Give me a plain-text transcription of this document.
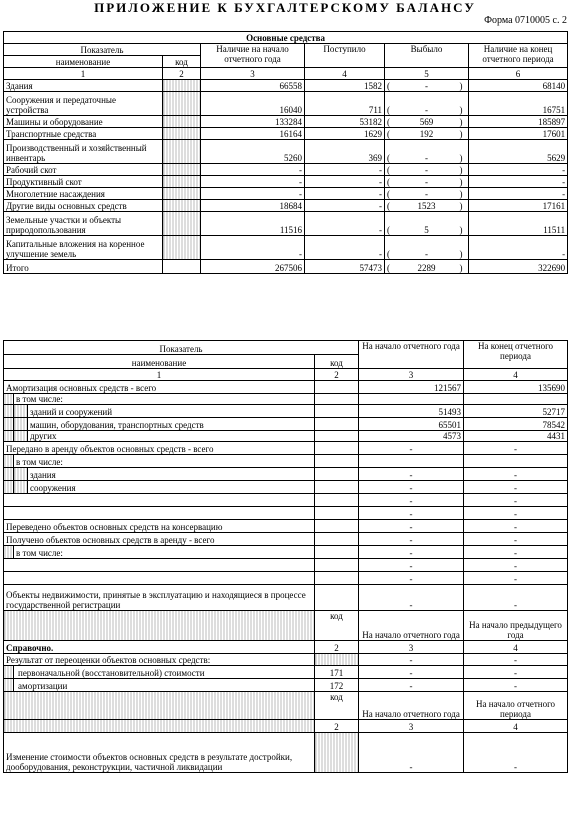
ПРИЛОЖЕНИЕ К БУХГАЛТЕРСКОМУ БАЛАНСУ
Форма 0710005 с. 2
Основные средства							
Показатель		Наличие на начало отчетного года	Поступило	Выбыло			Наличие на конец отчетного периода
наименование	код						
1	2	3	4	5			6
Здания		66558	1582	(	-	)	68140
Сооружения и передаточные устройства		16040	711	(	-	)	16751
Машины и оборудование		133284	53182	(	569	)	185897
Транспортные средства		16164	1629	(	192	)	17601
Производственный и хозяйственный инвентарь		5260	369	(	-	)	5629
Рабочий скот		-	-	(	-	)	-
Продуктивный скот		-	-	(	-	)	-
Многолетние насаждения		-	-	(	-	)	-
Другие виды основных средств		18684	-	(	1523	)	17161
Земельные участки и объекты природопользования		11516	-	(	5	)	11511
Капитальные вложения на коренное улучшение земель		-	-	(	-	)	-
Итого		267506	57473	(	2289	)	322690
Показатель				На начало отчетного года	На конец отчетного периода
наименование			код		
1			2	3	4
Амортизация основных средств - всего				121567	135690
	в том числе:				
		зданий и сооружений		51493	52717
		машин, оборудования, транспортных средств		65501	78542
		других		4573	4431
Передано в аренду объектов основных средств - всего				-	-
	в том числе:				
		здания		-	-
		сооружения		-	-
				-	-
				-	-
Переведено объектов основных средств на консервацию				-	-
Получено объектов основных средств в аренду - всего				-	-
	в том числе:			-	-
				-	-
				-	-
Объекты недвижимости, принятые в эксплуатацию и находящиеся в процессе государственной регистрации				-	-
			код	На начало отчетного года	На начало предыдущего года
Справочно.			2	3	4
Результат от переоценки объектов основных средств:				-	-
	первоначальной (восстановительной) стоимости		171	-	-
	амортизации		172	-	-
			код	На начало отчетного года	На начало отчетного периода
			2	3	4
Изменение стоимости объектов основных средств в результате достройки, дооборудования, реконструкции, частичной ликвидации				-	-
